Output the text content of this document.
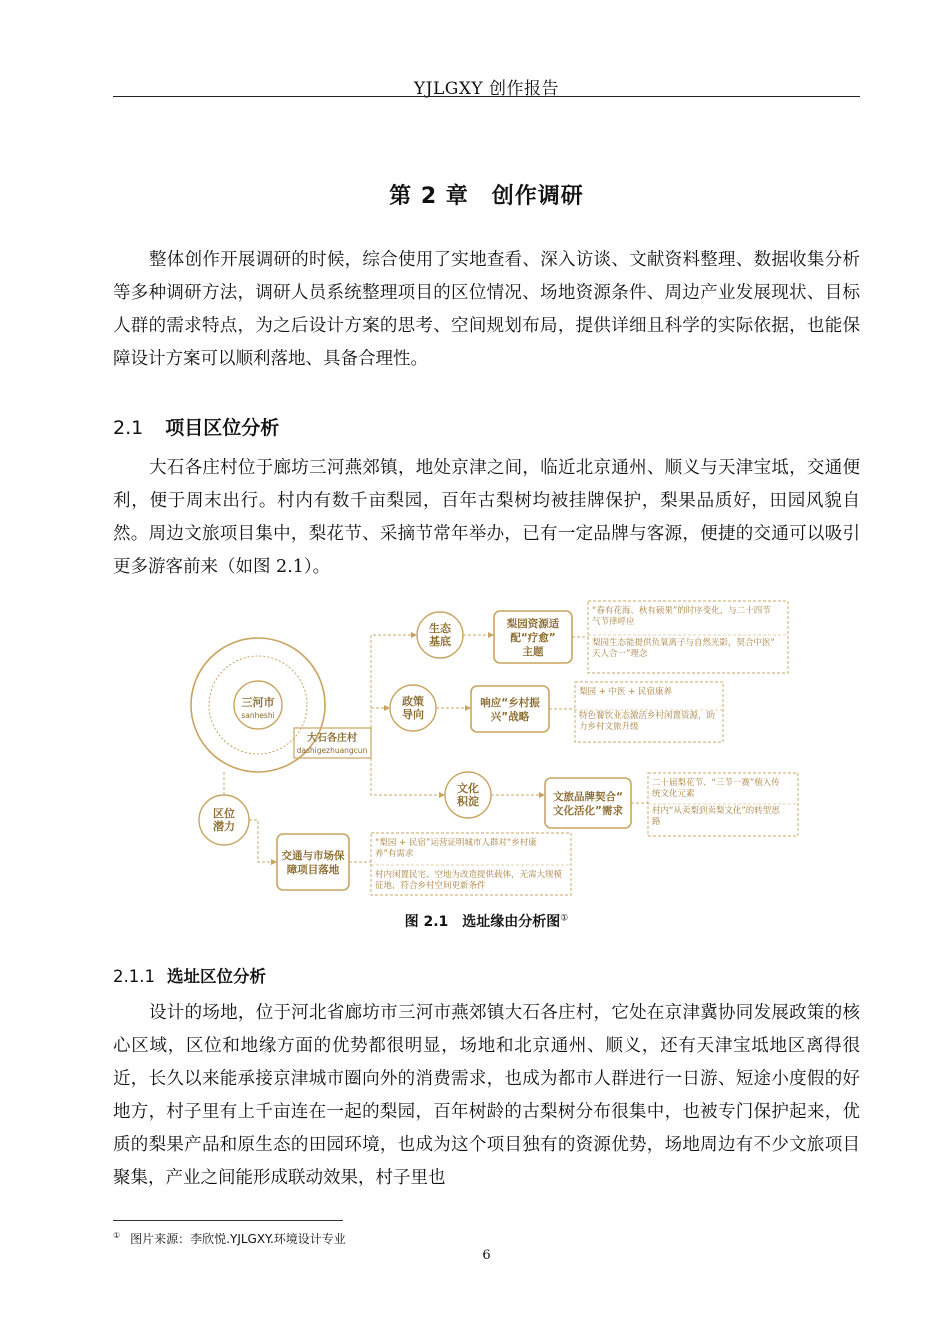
YJLGXY 创作报告
第 2 章　创作调研
整体创作开展调研的时候，综合使用了实地查看、深入访谈、文献资料整理、数据收集分析等多种调研方法，调研人员系统整理项目的区位情况、场地资源条件、周边产业发展现状、目标人群的需求特点，为之后设计方案的思考、空间规划布局，提供详细且科学的实际依据，也能保障设计方案可以顺利落地、具备合理性。
2.1 项目区位分析
大石各庄村位于廊坊三河燕郊镇，地处京津之间，临近北京通州、顺义与天津宝坻，交通便利，便于周末出行。村内有数千亩梨园，百年古梨树均被挂牌保护，梨果品质好，田园风貌自然。周边文旅项目集中，梨花节、采摘节常年举办，已有一定品牌与客源，便捷的交通可以吸引更多游客前来（如图 2.1）。
三河市
sanheshi
大石各庄村
dashigezhuangcun
区位
潜力
生态
基底
梨园资源适
配“疗愈”
主题
“春有花海、秋有硕果”的时序变化，与二十四节
气节律呼应
梨园生态能提供负氧离子与自然光影，契合中医“
天人合一”理念
政策
导向
响应“乡村振
兴”战略
梨园 + 中医 + 民宿康养
特色餐饮业态激活乡村闲置资源，助
力乡村文旅升级
文化
积淀	文旅品牌契合“
文化活化”需求
二十届梨花节、“三节一赛”植入传
统文化元素
村内“从卖梨到卖梨文化”的转型思
路
交通与市场保
障项目落地
“梨园 + 民宿”运营证明城市人群对“乡村康
养”有需求
村内闲置民宅、空地为改造提供载体，无需大规模
征地，符合乡村空间更新条件
图 2.1　选址缘由分析图①
2.1.1 选址区位分析
设计的场地，位于河北省廊坊市三河市燕郊镇大石各庄村，它处在京津冀协同发展政策的核心区域，区位和地缘方面的优势都很明显，场地和北京通州、顺义，还有天津宝坻地区离得很近，长久以来能承接京津城市圈向外的消费需求，也成为都市人群进行一日游、短途小度假的好地方，村子里有上千亩连在一起的梨园，百年树龄的古梨树分布很集中，也被专门保护起来，优质的梨果产品和原生态的田园环境，也成为这个项目独有的资源优势，场地周边有不少文旅项目聚集，产业之间能形成联动效果，村子里也
① 图片来源：李欣悦.YJLGXY.环境设计专业
6
